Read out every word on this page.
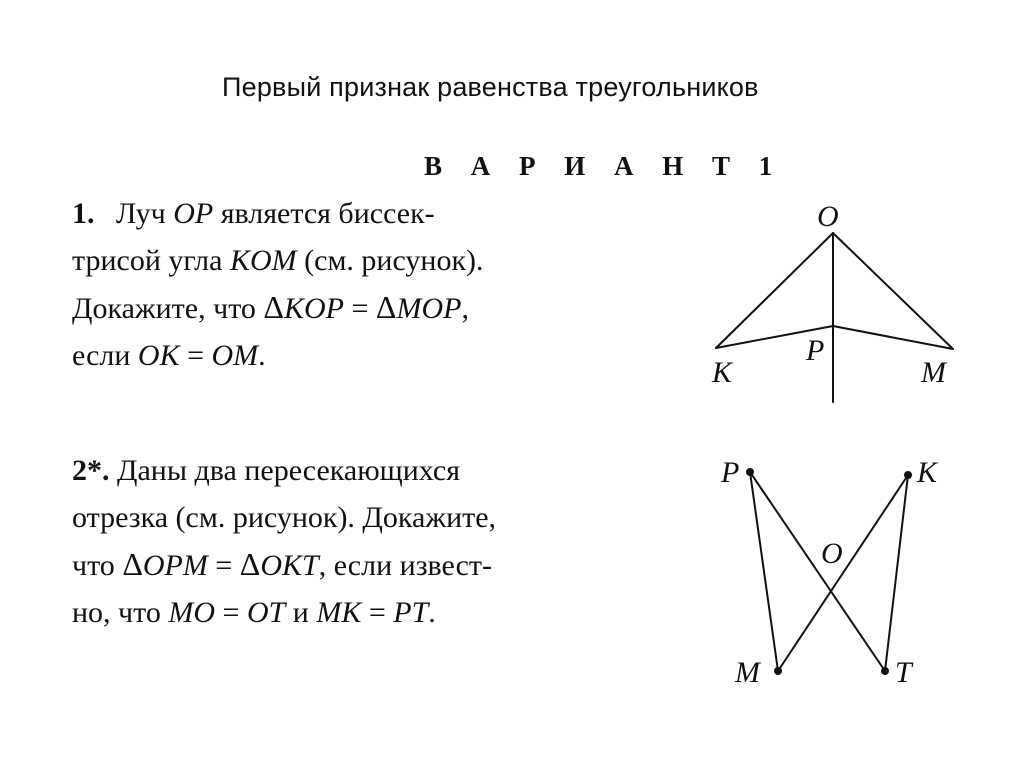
Первый признак равенства треугольников
В А Р И А Н Т 1
1. Луч OP является биссек-
трисой угла KOM (см. рисунок).
Докажите, что ΔKOP = ΔMOP,
если OK = OM.
2*. Даны два пересекающихся
отрезка (см. рисунок). Докажите,
что ΔOPM = ΔOKT, если извест-
но, что MO = OT и MK = PT.
O
K
P
M
P	K
O
M	T
